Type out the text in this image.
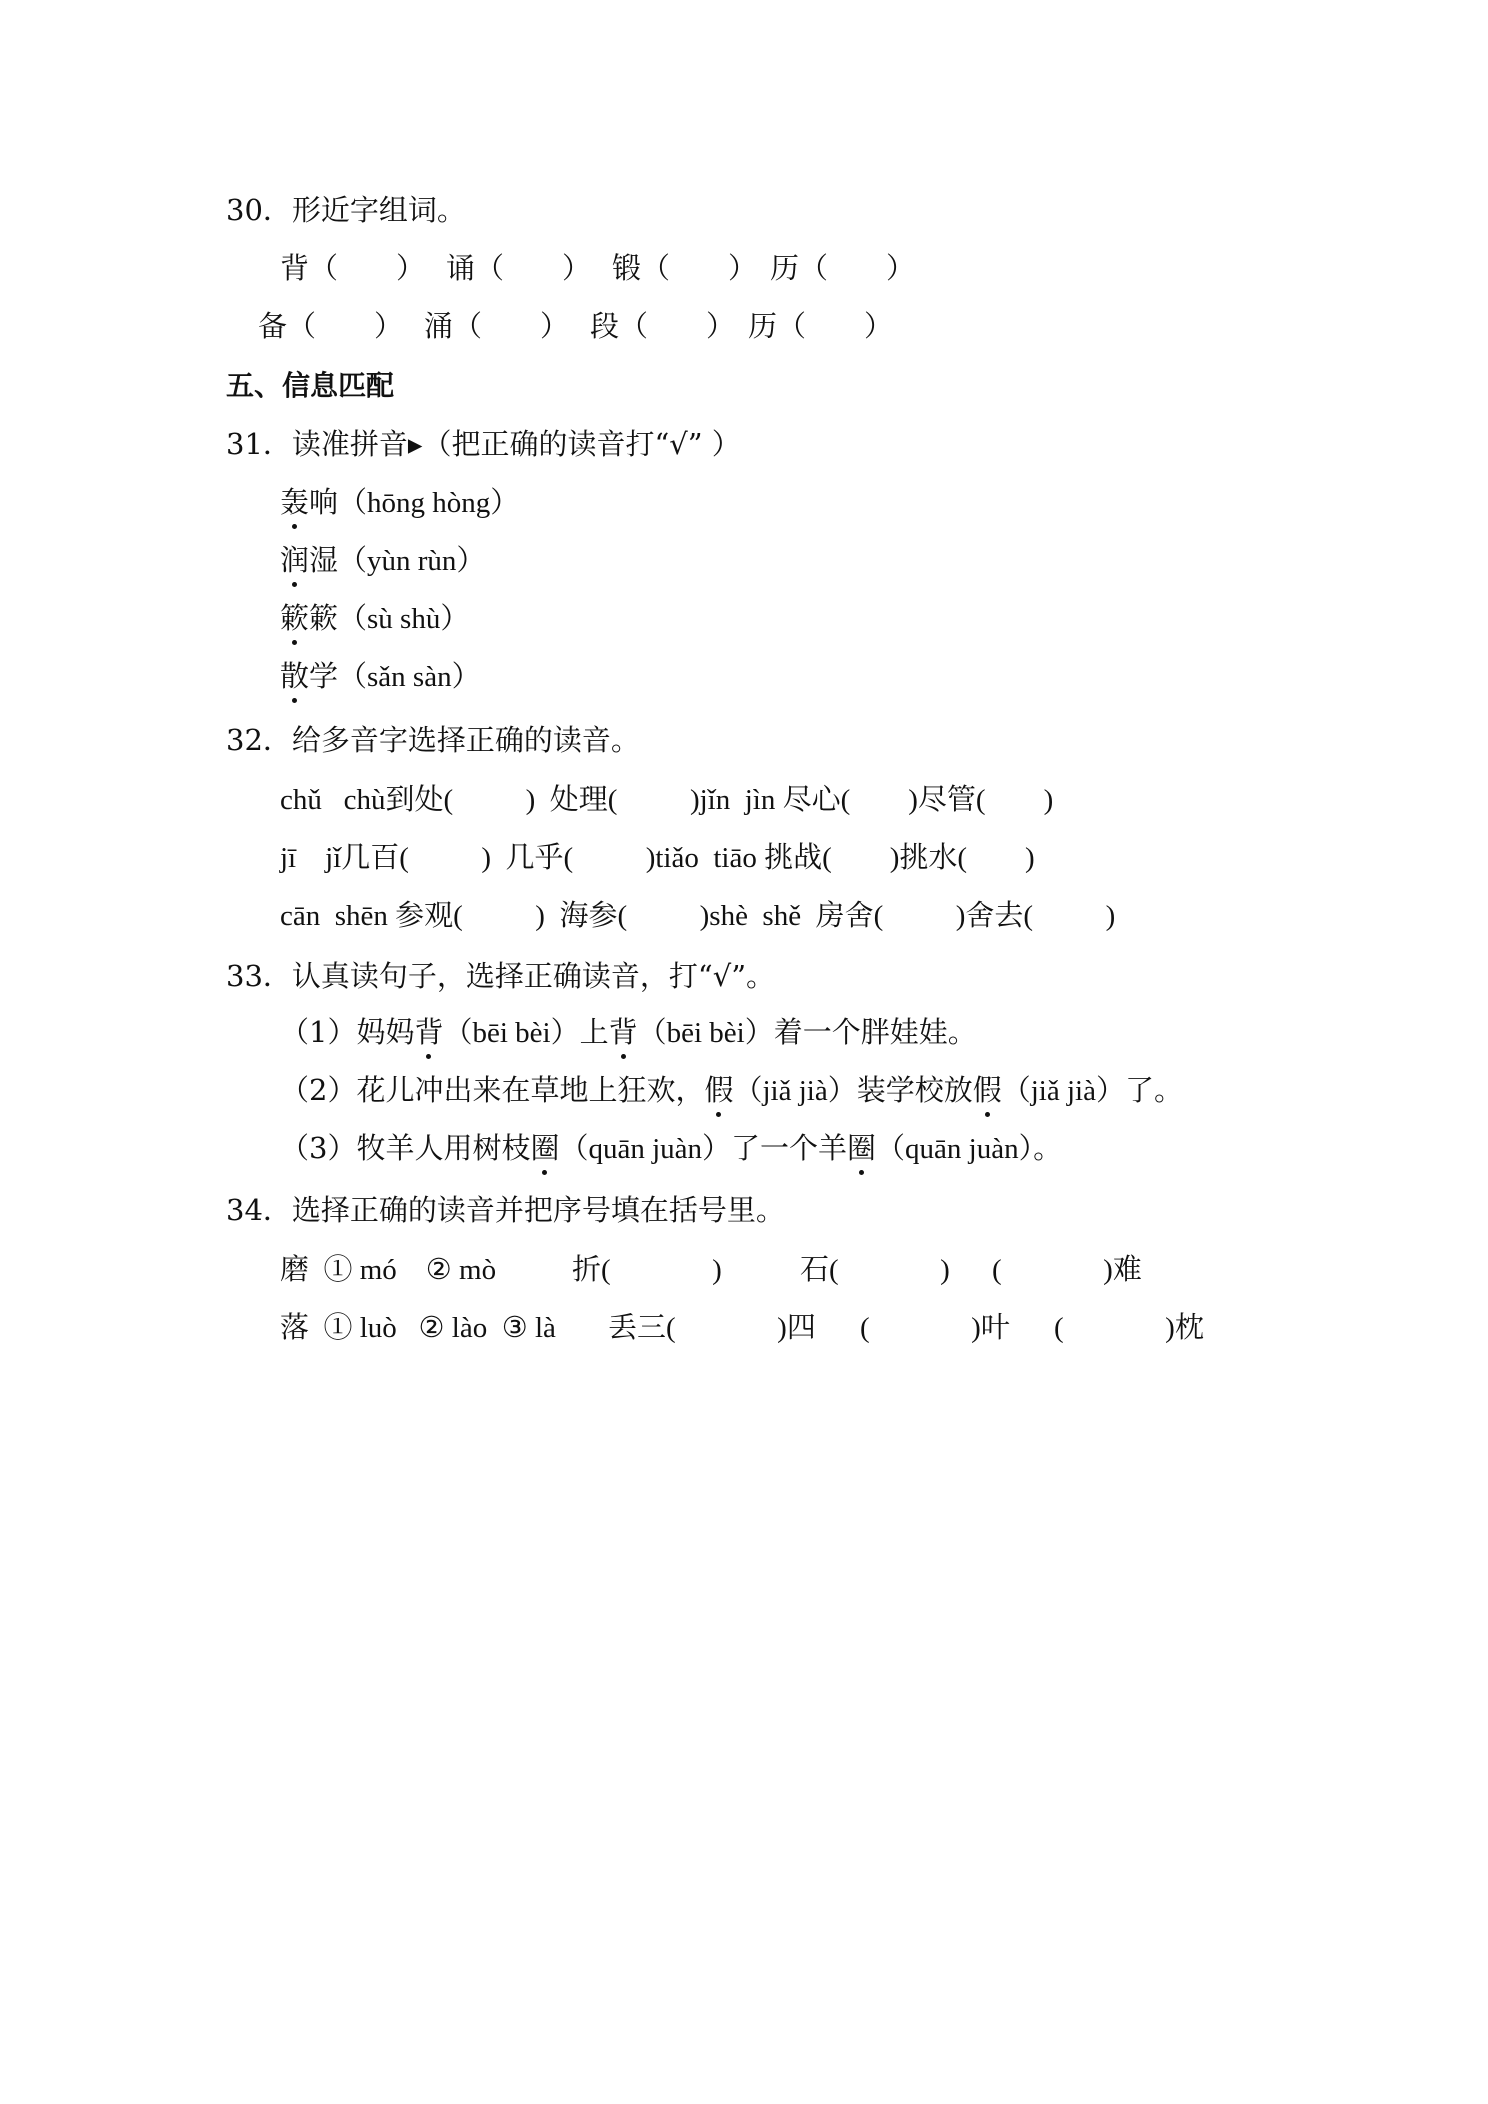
30．形近字组词。
背（　　） 诵（　　） 锻（　　） 历（　　）
备（　　） 涌（　　） 段（　　） 历（　　）
五、信息匹配
31．读准拼音▸（把正确的读音打“√” ）
轰响（hōng hòng）
润湿（yùn rùn）
簌簌（sù shù）
散学（sǎn sàn）
32．给多音字选择正确的读音。
chǔ   chù到处(          )  处理(          )jǐn  jìn 尽心(        )尽管(        )
jī    jǐ几百(          )  几乎(          )tiǎo  tiāo 挑战(        )挑水(        )
cān  shēn 参观(          )  海参(          )shè  shě  房舍(          )舍去(          )
33．认真读句子，选择正确读音，打“√”。
（1）妈妈背（bēi bèi）上背（bēi bèi）着一个胖娃娃。
（2）花儿冲出来在草地上狂欢，假（jiǎ jià）装学校放假（jiǎ jià）了。
（3）牧羊人用树枝圈（quān juàn）了一个羊圈（quān juàn）。
34．选择正确的读音并把序号填在括号里。
磨  ① mó    ② mò	折(              )	石(              ) (              )难
落  ① luò   ② lào  ③ là 丢三(              )四 (              )叶 (              )枕
